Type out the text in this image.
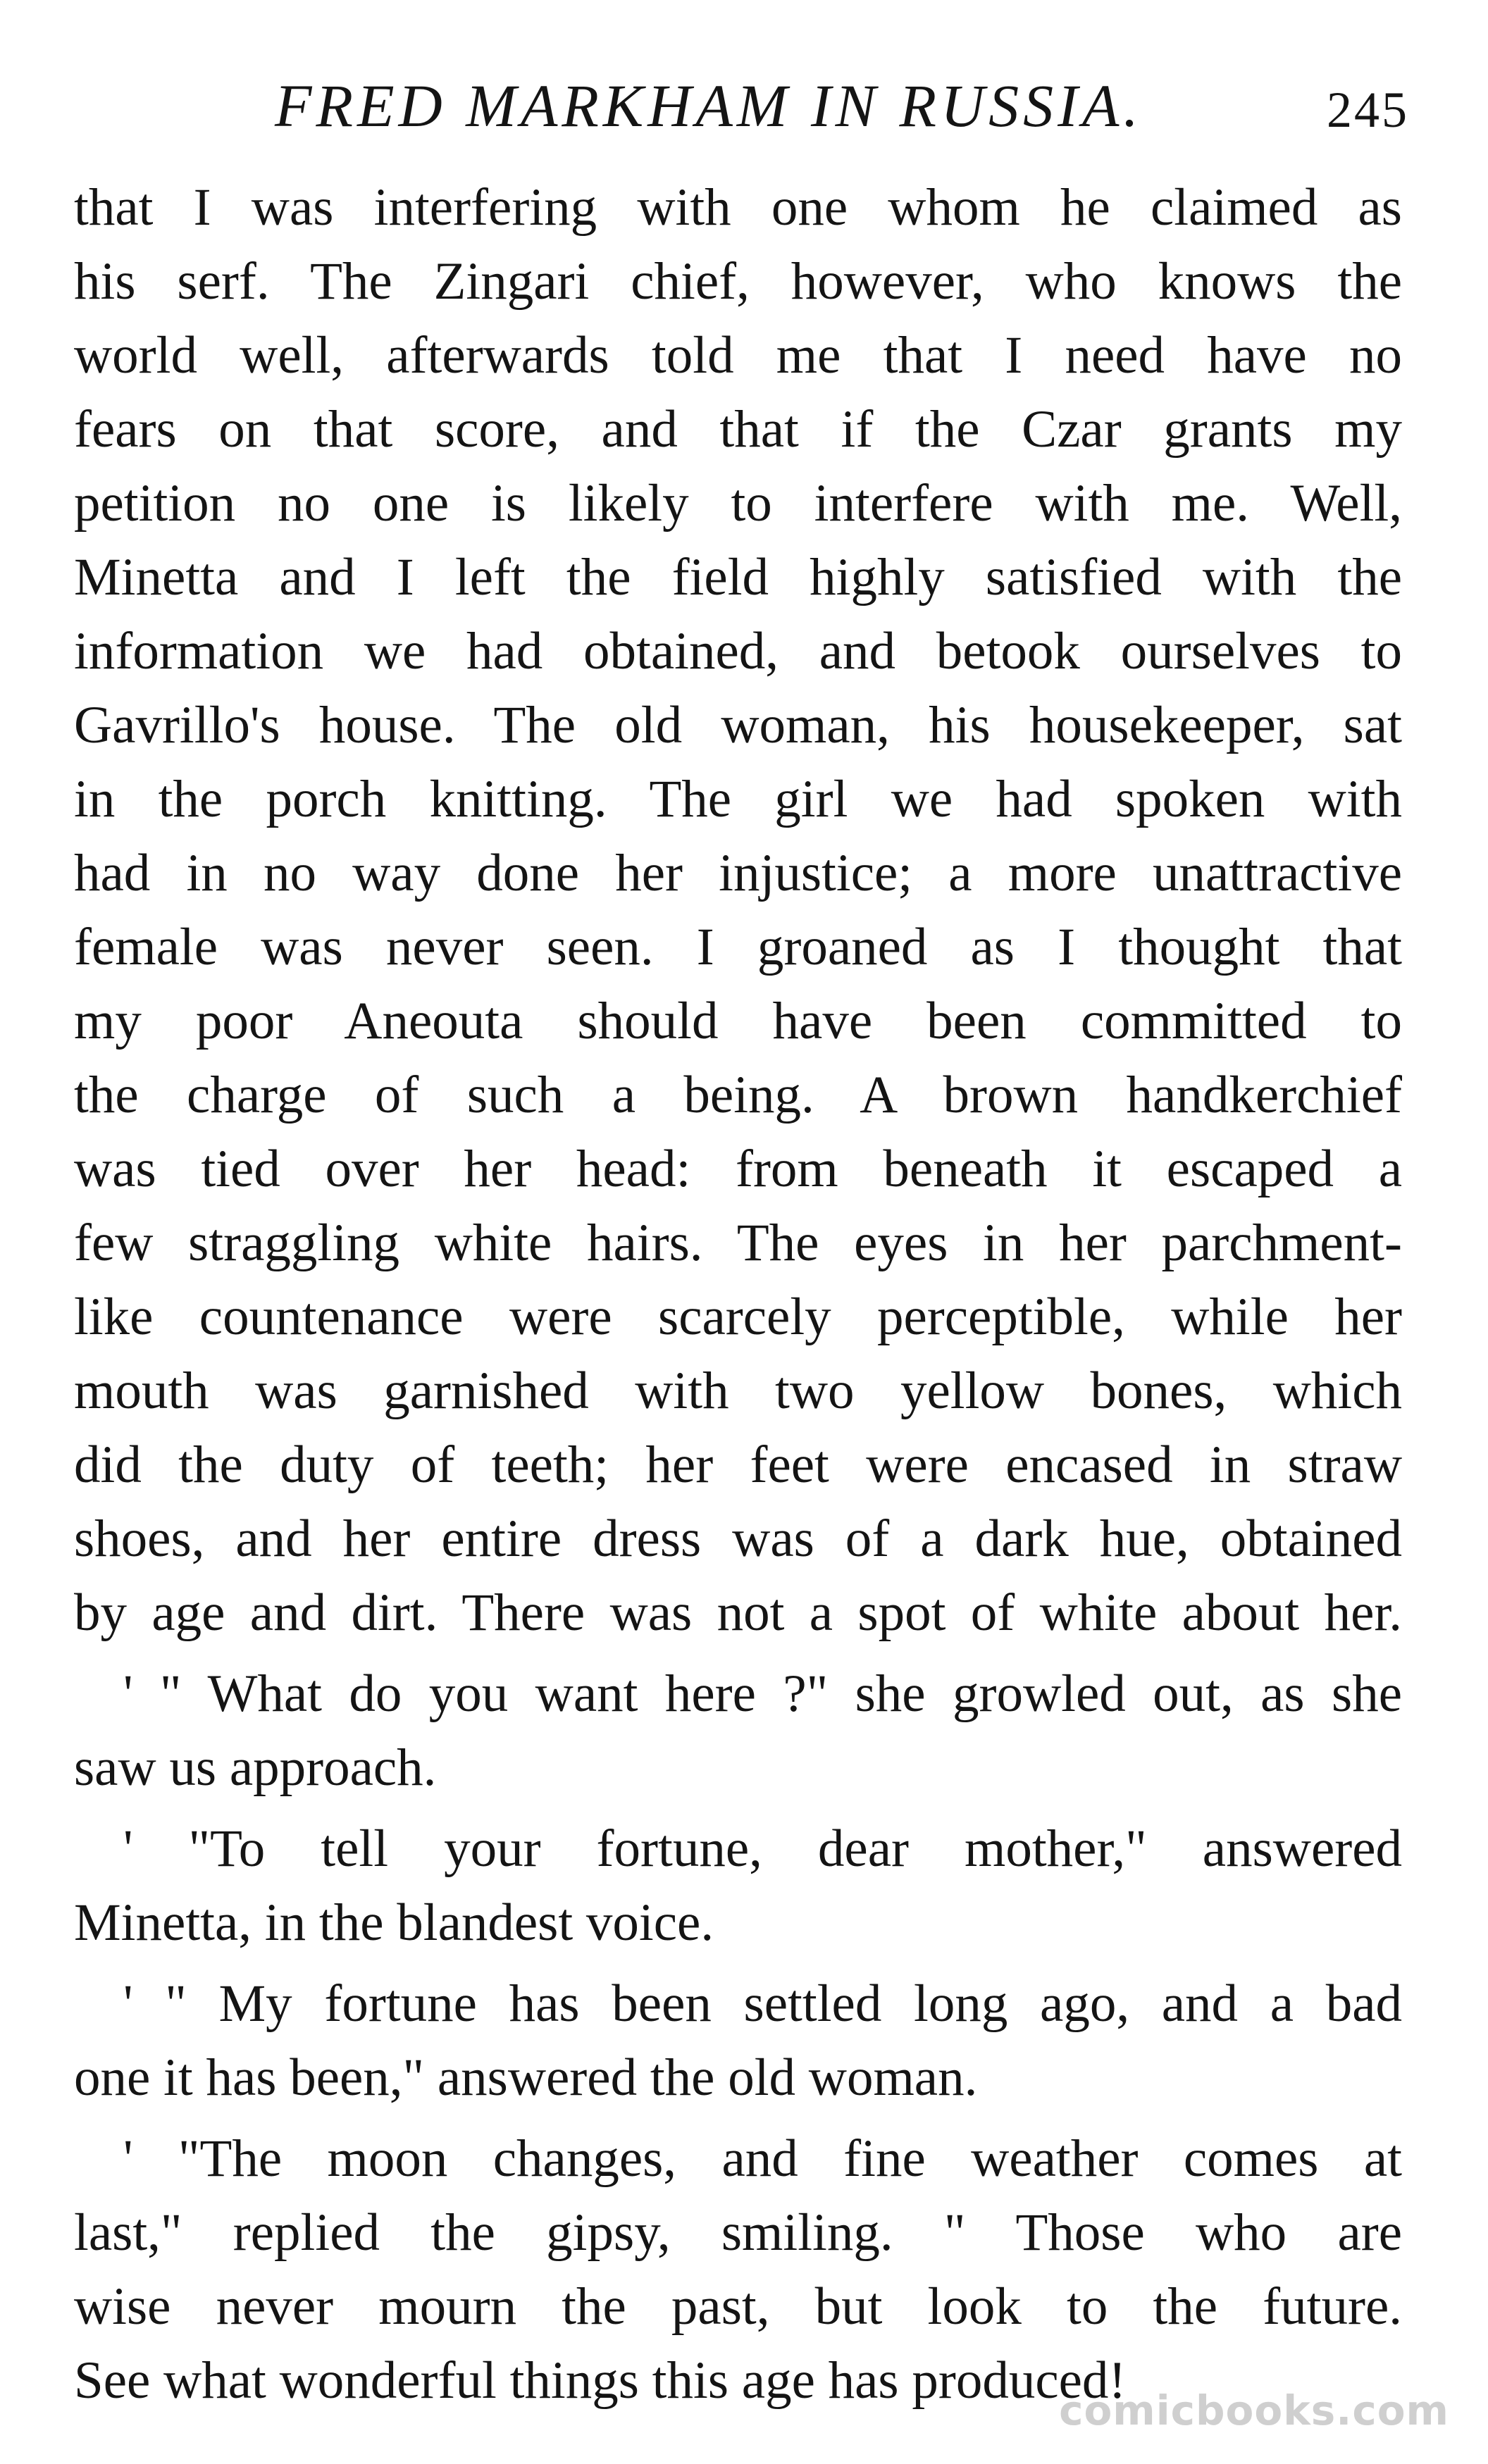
FRED MARKHAM IN RUSSIA.	245
that I was interfering with one whom he claimed as
his serf. The Zingari chief, however, who knows the
world well, afterwards told me that I need have no
fears on that score, and that if the Czar grants my
petition no one is likely to interfere with me. Well,
Minetta and I left the field highly satisfied with the
information we had obtained, and betook ourselves to
Gavrillo's house. The old woman, his housekeeper, sat
in the porch knitting. The girl we had spoken with
had in no way done her injustice; a more unattractive
female was never seen. I groaned as I thought that
my poor Aneouta should have been committed to
the charge of such a being. A brown handkerchief
was tied over her head: from beneath it escaped a
few straggling white hairs. The eyes in her parchment-
like countenance were scarcely perceptible, while her
mouth was garnished with two yellow bones, which
did the duty of teeth; her feet were encased in straw
shoes, and her entire dress was of a dark hue, obtained
by age and dirt. There was not a spot of white about her.
' " What do you want here ?" she growled out, as she
saw us approach.
' "To tell your fortune, dear mother," answered
Minetta, in the blandest voice.
' " My fortune has been settled long ago, and a bad
one it has been," answered the old woman.
' "The moon changes, and fine weather comes at
last," replied the gipsy, smiling. " Those who are
wise never mourn the past, but look to the future.
See what wonderful things this age has produced!
comicbooks.com
